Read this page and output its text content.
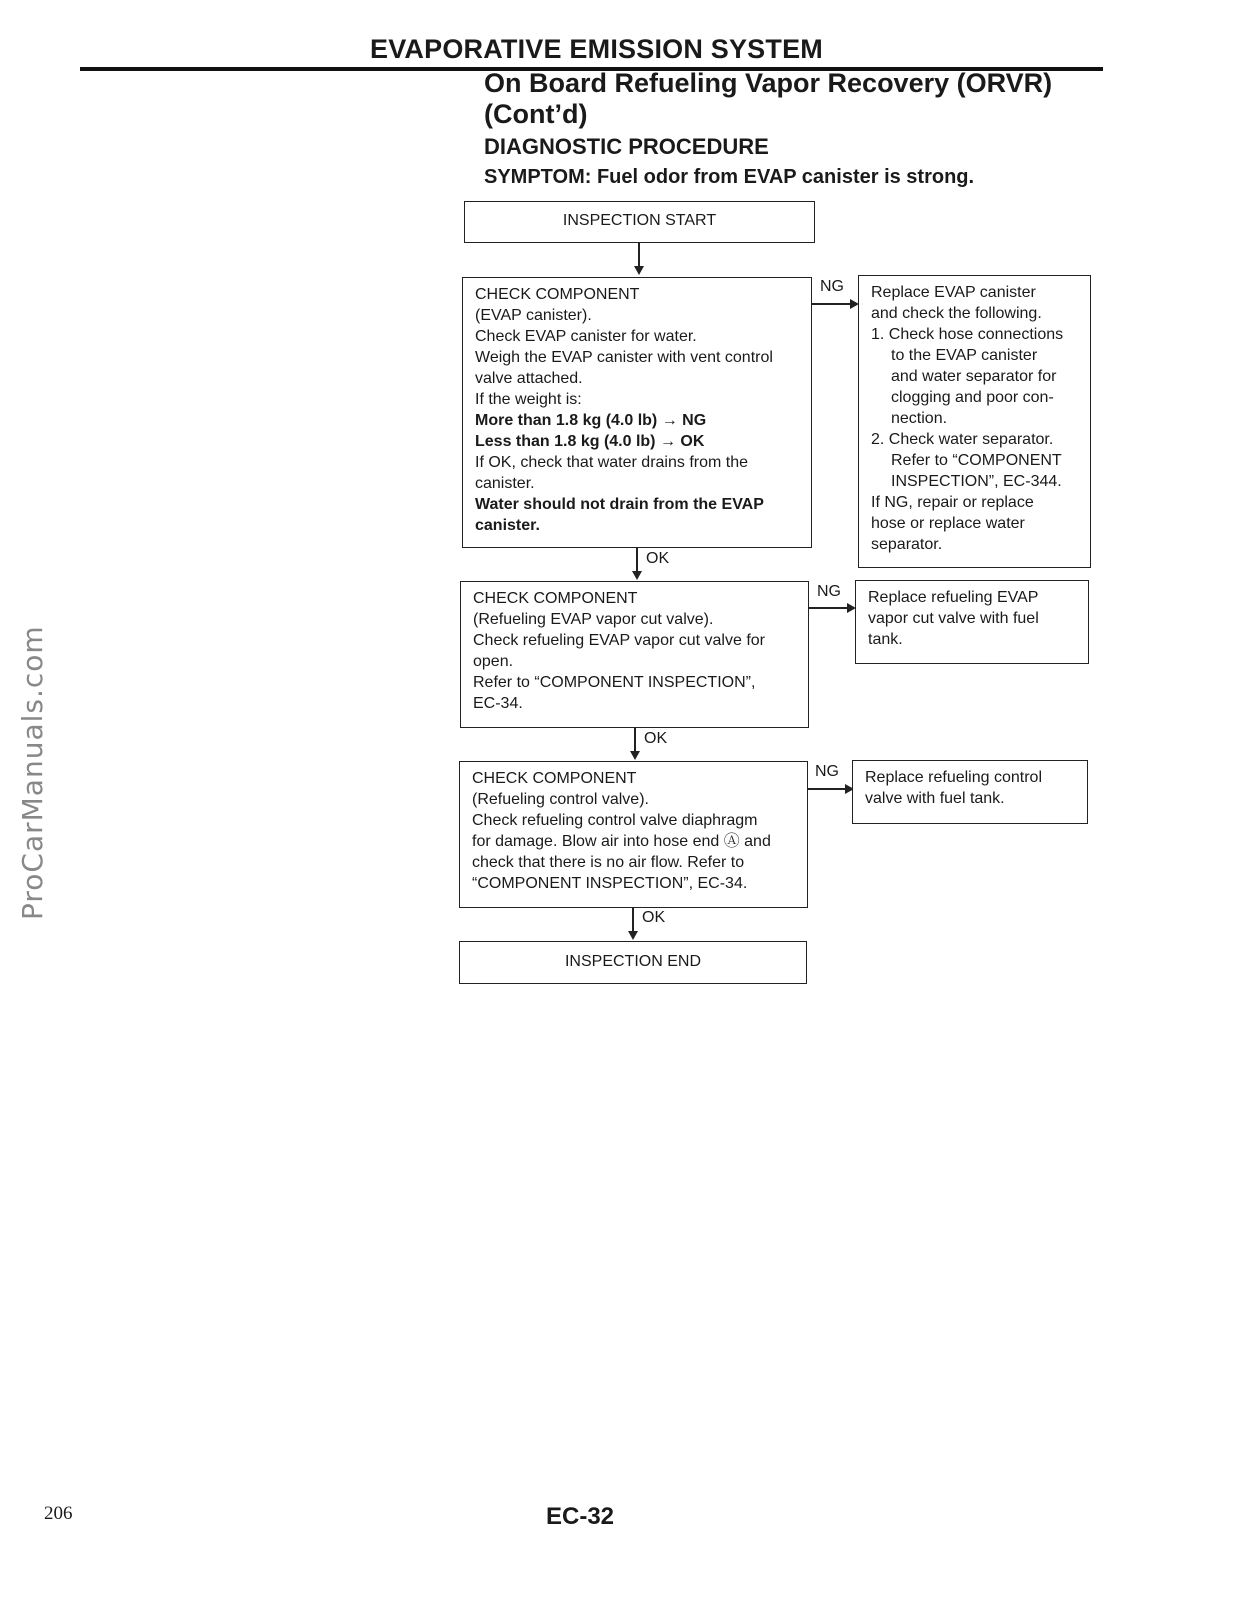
EVAPORATIVE EMISSION SYSTEM
On Board Refueling Vapor Recovery (ORVR)
(Cont’d)
DIAGNOSTIC PROCEDURE
SYMPTOM: Fuel odor from EVAP canister is strong.
INSPECTION START
CHECK COMPONENT
(EVAP canister).
Check EVAP canister for water.
Weigh the EVAP canister with vent control
valve attached.
If the weight is:
More than 1.8 kg (4.0 lb) → NG
Less than 1.8 kg (4.0 lb) → OK
If OK, check that water drains from the
canister.
Water should not drain from the EVAP
canister.
NG Replace EVAP canister
and check the following.
1. Check hose connections
to the EVAP canister
and water separator for
clogging and poor con-
nection.
2. Check water separator.
Refer to “COMPONENT
INSPECTION”, EC-344.
If NG, repair or replace
hose or replace water
separator.
OK
CHECK COMPONENT
(Refueling EVAP vapor cut valve).
Check refueling EVAP vapor cut valve for
open.
Refer to “COMPONENT INSPECTION”,
EC-34.
NG Replace refueling EVAP
vapor cut valve with fuel
tank.
OK
CHECK COMPONENT
(Refueling control valve).
Check refueling control valve diaphragm
for damage. Blow air into hose end Ⓐ and
check that there is no air flow. Refer to
“COMPONENT INSPECTION”, EC-34.
NG Replace refueling control
valve with fuel tank.
OK
INSPECTION END
ProCarManuals.com
206	EC-32
